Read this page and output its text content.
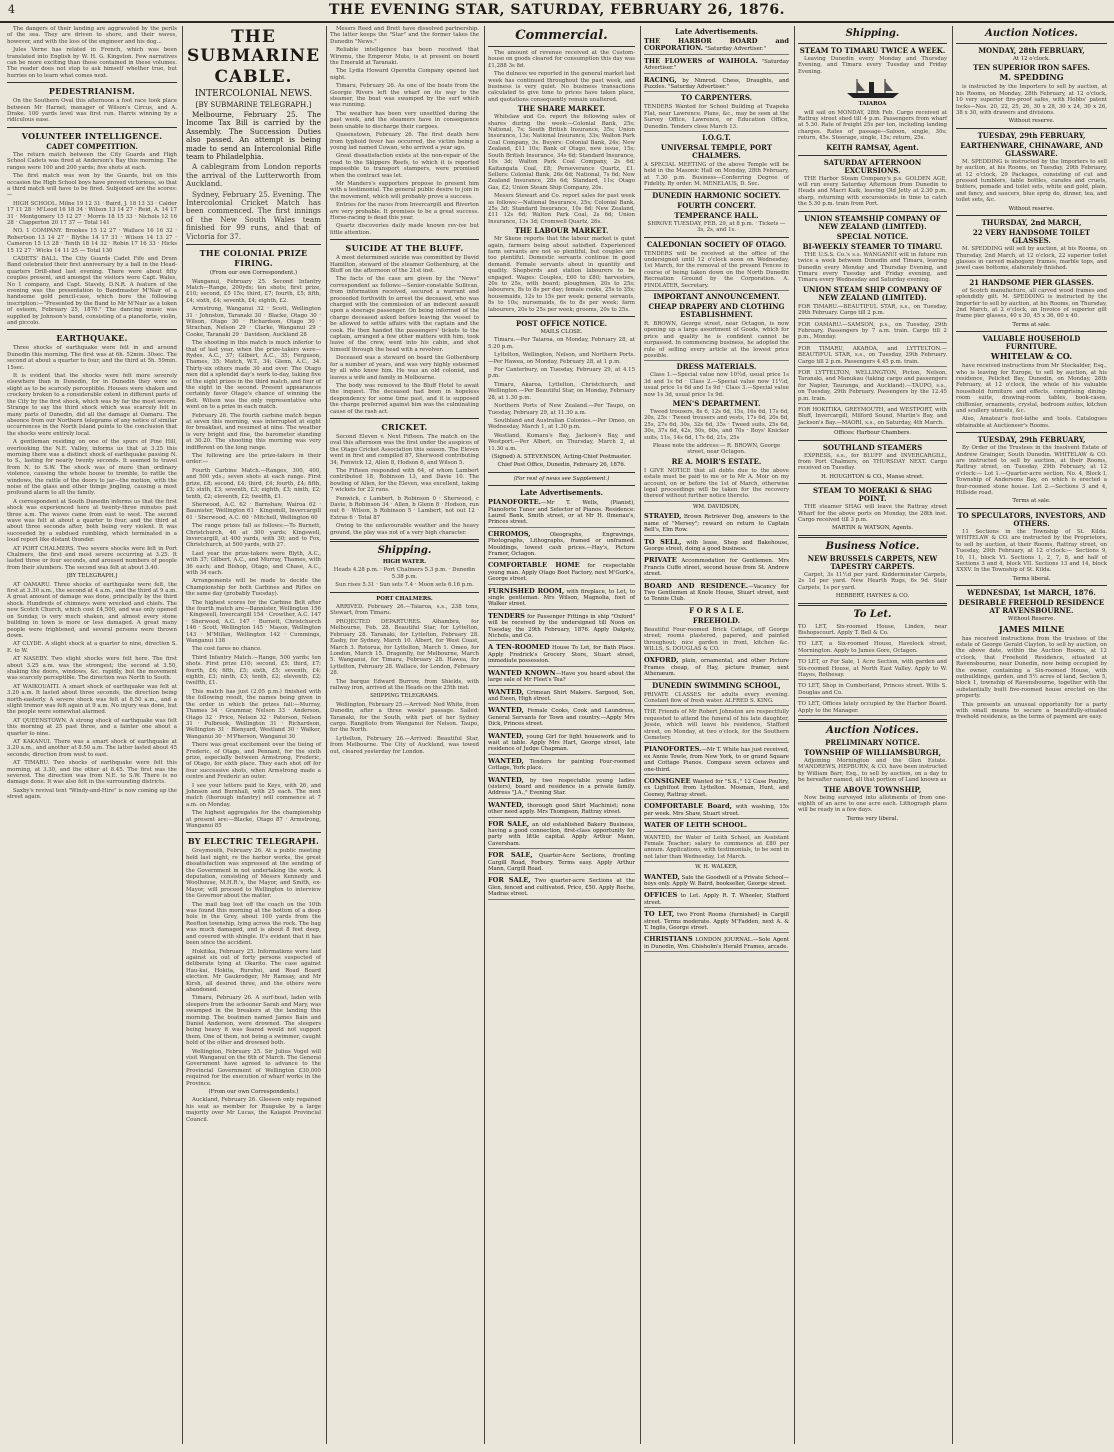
4	THE EVENING STAR, SATURDAY, FEBRUARY 26, 1876.

The dangers of their landing are aggravated by the perils of the sea. They are driven to shore, and their waves, however, and with the loss of the engineer and his dog...

Jules Verne has related in French, which was been translated into English by W. H. G. Kingston. Few narratives can be more exciting than those contained in these volumes. The reader does not stop to ask himself whether true, but hurries on to learn what comes next.

PEDESTRIANISM.

On the Southern Oval this afternoon a foot race took place between Mr Harnet, manager of Wilson's Circus, and A. Drake. 100 yards level was first run. Harris winning by a ridiculous ease.

VOLUNTEER INTELLIGENCE.
CADET COMPETITION.

The return match between the City Guards and High School Cadets was fired at Anderson's Bay this morning. The ranges were 100 and 200 yards; five shots at each.

The first match was won by the Guards, but on this occasion the High School boys have proved victorious, so that a third match will have to be fired. Subjoined are the scores:—

HIGH SCHOOL. Milne 19 12 31 · Baird, J. 18 13 33 · Calder 17 11 28 · M'Leod 16 18 34 · Wilson 13 14 27 · Reid, A. 14 17 31 · Montgomery 15 12 27 · Morris 18 15 33 · Nichols 12 16 28 · Clapperton 20 17 37 — Total 141

NO. 1 COMPANY. Brookes 15 12 27 · Wallace 16 16 32 · Robertson 13 14 27 · Blythe 14 17 31 · Wilson 14 13 27 · Cameron 15 13 28 · Tenth 18 14 32 · Robin 17 16 33 · Hicks 15 12 27 · Wicks 14 11 25 — Total 130

CADETS' BALL. The City Guards Cadet Fife and Drum Band celebrated their first anniversary by a ball in the Head-quarters Drill-shed last evening. There were about fifty couples present, and amongst the visitors were Capt. Wales, No 1 company, and Capt. Stavely, D.N.R. A feature of the evening was the presentation to Bandmaster M'Nair of a handsome gold pencil-case, which bore the following inscription:—"Presented by the Band to Mr M'Nair as a token of esteem, February 25, 1876." The dancing music was supplied by Johnson's band, consisting of a pianoforte, violin, and piccolo.

EARTHQUAKE.

Three shocks of earthquake were felt in and around Dunedin this morning. The first was at 6h. 52min. 30sec. The second at about a quarter to four, and the third at 5h. 59min. 15sec.

It is evident that the shocks were felt more severely elsewhere than in Dunedin, for in Dunedin they were so slight as to be scarcely perceptible. Houses were shaken and crockery broken to a considerable extent in different parts of the City by the first shock, which was by far the most severe. Strange to say the third shock which was scarcely felt in many parts of Dunedin, did all the damage at Oamaru. The absence from our Northern telegrams of any notice of similar occurrences in the North Island points to the conclusion that the shocks were entirely local.

A gentleman residing on one of the spurs of Pine Hill, overlooking the N.E. Valley, informs us that at 3.25 this morning there was a distinct shock of earthquake passing N. to S., lasting for nearly twenty seconds. It seemed to travel from N. to S.W. The shock was of more than ordinary violence, causing the whole house to tremble, to rattle the windows, the rattle of the doors to jar—the motion, with the noise of the glass and other things jingling, causing a most profound alarm to all the family.

A correspondent at South Dunedin informs us that the first shock was experienced here at twenty-three minutes past three a.m. The waves came from east to west. The second wave was felt at about a quarter to four, and the third at about three seconds after, both being very violent. It was succeeded by a subdued rumbling, which terminated in a loud report like distant thunder.

AT PORT CHALMERS. Two severe shocks were felt in Port Chalmers, the first and most severe occurring at 3.25. It lasted three or four seconds, and aroused numbers of people from their slumbers. The second was felt at about 3.40.

[BY TELEGRAPH.]

AT OAMARU. Three shocks of earthquake were felt, the first at 3.30 a.m., the second at 4 a.m., and the third at 9 a.m. A great amount of damage was done, principally by the third shock. Hundreds of chimneys were wrecked and chiefs. The new Scotch Church, which cost £4,500, and was only opened on Sunday, is very much shaken, and almost every stone building in town is more or less damaged. A great many people were frightened, and several persons were thrown down.

AT CLYDE. A slight shock at a quarter to nine, direction S. E. to W.

AT NASEBY. Two slight shocks were felt here. The first about 3.25 a.m. was the strongest; the second at 3.50, shaking the doors, windows, &c. rapidly, but the movement was scarcely perceptible. The direction was North to South.

AT WAIKOUAITI. A smart shock of earthquake was felt at 3.20 a.m. It lasted about three seconds, the direction being north-easterly. A severe shock was felt at 8.50 a.m., and a slight tremor was felt again at 9 a.m. No injury was done, but the people were somewhat alarmed.

AT QUEENSTOWN. A strong shock of earthquake was felt this morning at 25 past three, and a fainter one about a quarter to nine.

AT KAKANUI. There was a smart shock of earthquake at 3.20 a.m., and another at 8.50 a.m. The latter lasted about 45 seconds; direction from west to east.

AT TIMARU. Two shocks of earthquake were felt this morning, at 3.30, and the other at 8.45. The first was the severest. The direction was from N.E. to S.W. There is no damage done. It was also felt in the surrounding districts.

Saxby's revival tent "Windy-and-Hire" is now coming up the street again.

THE SUBMARINE
CABLE.
INTERCOLONIAL NEWS.
[BY SUBMARINE TELEGRAPH.]

Melbourne, February 25. The Income Tax Bill is carried by the Assembly. The Succession Duties also passed. An attempt is being made to send an Intercolonial Rifle team to Philadelphia.

A cablegram from London reports the arrival of the Lutterworth from Auckland.

Sydney, February 25. Evening. The Intercolonial Cricket Match has been commenced. The first innings of the New South Wales team finished for 99 runs, and that of Victoria for 37.

THE COLONIAL PRIZE FIRING.

(From our own Correspondent.)

Wanganui, February 25. Second Infantry Match—Range, 200yds; ten shots; first prize, £10; second, £5 15s; third, £7; fourth, £5; fifth, £4; sixth, £4; seventh, £4; eighth, £2.

Armstrong, Wanganui 32 · Scott, Wellington 31 · Johnston, Taranaki 30 · Blacke, Otago 30 · Wilson, Otago 30 · Richardson, Otago 30 · Strachan, Nelson 29 · Clarke, Wanganui 29 · Cooke, Taranaki 29 · Davidson, Auckland 28

The shooting in this match is much inferior to that of last year, when the prize-takers were—Rydes, A.C., 37; Gilbert, A.C., 35; Ferguson, Thames, 35; Match, W.T., 34; Glenn, A.C., 34. Thirty-six others made 30 and over. The Otago men did a splendid day's work to-day, taking five of the eight prizes in the third match, and four of the eight in the second. Present appearances certainly favor Otago's chance of winning the Belt. Wilson was the only representative who went on to a prize in each match.

February 26. The fourth carbine match began at seven this morning, was interrupted at eight for breakfast, and resumed at nine. The weather is very bright and fine, the barometer standing at 30.20. The shooting this morning was very indifferent on the long range.

The following are the prize-takers in their order:—

Fourth Carbine Match.—Ranges, 300, 400, and 500 yds.; seven shots at each range. First prize, £8; second, £4; third, £4; fourth, £4; fifth, £3; sixth, £3; seventh, £3; eighth, £3; ninth, £2; tenth, £2; eleventh, £2; twelfth, £1.

Sherwood, A.C. 62 · Barnshaw, Wairoa 62 · Baunister, Wellington 61 · Kingsmill, Invercargill 61 · Sherwood, A.C. 60 · Mitchell, Wellington 60

The range prizes fall as follows:—To Burnett, Christchurch, 46 at 300 yards; Kingswell, Invercargill, at 400 yards, with 30; and to Fox, Christchurch, at 500 yards, with 27.

Last year the prize-takers were Blyth, A.C., with 37; Gilbert, A.C., and Murray, Thames, with 36 each; and Bishop, Otago, and Chase, A.C., with 34 each.

Arrangements will be made to decide the Championship for both Carbines and Rifles on the same day (probably Tuesday).

The highest scores for the Carbine Belt after the fourth match are—Bannister, Wellington 156 · Kingswell, Invercargill 154 · Crowther, A.C. 147 · Sherwood, A.C. 147 · Burnett, Christchurch 146 · Scott, Wellington 145 · Mason, Wellington 143 · M'Millan, Wellington 142 · Cummings, Wanganui 138

The cost fares no chance.

Third Infantry Match.—Range, 500 yards; ten shots. First prize £10; second, £5; third, £7; fourth, £6; fifth, £5; sixth, £5; seventh, £4; eighth, £3; ninth, £3; tenth, £2; eleventh, £2; twelfth, £1.

This match has just (2.05 p.m.) finished with the following result, the names being given in the order in which the prizes fall:—Murray, Thames 34 · Grammar, Nelson 33 · Anderson, Otago 32 · Price, Nelson 32 · Paterson, Nelson 31 · Pulbrook, Wellington 31 · Richardson, Wellington 31 · Blenyard, Westland 30 · Walker, Wanganui 30 · M'Pherson, Wanganui 30

There was great excitement over the tieing of Frederic, of Otago, and Pennant, for the sixth prize, especially between Armstrong, Frederic, of Otago, for sixth place. They each shot off for four successive shots, when Armstrong made a centre and Frederic an outer.

I see your letters paid to Keys, with 26, and Johnson and Burnhall, with 25 each. The next match (thorough infantry) will commence at 7 a.m. on Monday.

The highest aggregates for the championship at present are:—Blacke, Otago 87 · Armstrong, Wanganui 85

BY ELECTRIC TELEGRAPH.

Greymouth, February 26. At a public meeting held last night, re the harbor works, the great dissatisfaction was expressed at the sending of the Government in not undertaking the work. A deputation, consisting of Messrs Kennedy and Woolhouse, M.H.R.'s, the Mayor, and Smith, ex-Mayor, will proceed to Wellington to interview the Governor about the matter.

The mail bag lost off the coach on the 10th was found this morning at the bottom of a deep hole in the Grey, about 100 yards from the Reefton township, lying across the rock. The bag was much damaged, and is about 8 feet deep, and covered with shingle. It's evident that it has been since the accident.

Hokitika, February 25. Informations were laid against six out of forty persons suspected of deliberate tying at Okarito. The case against Hau-kai, Hokita, Ruruhui, and Road Board election. Mr Gaukrodger, Mr Ramsay, and Mr Kirsh, all desired three, and the others were abandoned.

Timaru, February 26. A surf-boat, laden with sleepers from the schooner Sarah and Mary, was swamped in the breakers at the landing this morning. The boatmen named James Bain and Daniel Anderson, were drowned. The sleepers being heavy it was feared would not support them. One of them, not being a swimmer, caught hold of the other and drowned both.

Wellington, February 25. Sir Julius Vogel will visit Wanganui on the 6th of March. The General Government have agreed to advance to the Provincial Government of Wellington £30,000 required for the execution of wharf works in the Province.

(From our own Correspondents.)

Auckland, February 26. Gleeson only regained his seat as member for Ruapuke by a large majority over Mr Lucas, the Kaiapoi Provincial Council.

Messrs Reed and Brett have dissolved partnership. The latter keeps the "Star" and the former takes the Dunedin "News."

Reliable intelligence has been received that Wiremu, the Emperor Mute, is at present on board the Emerald at Taranaki.

The Lydia Howard Operetta Company opened last night.

Timaru, February 26. As one of the boats from the Georgie Rivers left the wharf on its way to the steamer, the boat was swamped by the surf which was running.

The weather has been very unsettled during the past week, and the steamers have in consequence been unable to discharge their cargoes.

Queenstown, February 26. The first death here from typhoid fever has occurred, the victim being a young lad named Cowan, who arrived a year ago.

Great dissatisfaction exists at the non-repair of the road to the Skippers Reefs, to which it is reported impossible to transport stampers, were promised when the contract was let.

Mr Manders's supporters propose to present him with a testimonial. The general public desire to join in the movement, which will probably prove a success.

Entries for the races from Invercargill and Riverton are very probable. It promises to be a great success. Horse-racing is dead this year.

Quartz discoveries daily made known rev-ive but little attention.

SUICIDE AT THE BLUFF.

A most determined suicide was committed by David Hamilton, steward of the steamer Gothenburg, at the Bluff on the afternoon of the 21st inst.

The facts of the case are given by the "News" correspondent as follows:—Senior-constable Sullivan, from information received, secured a warrant and proceeded forthwith to arrest the deceased, who was charged with the commission of an indecent assault upon a steerage passenger. On being informed of the charge deceased asked before leaving the vessel to be allowed to settle affairs with the captain and the cook. He then handed the passengers' tickets to the captain, arranged a few other matters with him, took leave of the crew, went into his cabin, and shot himself through the head with a revolver.

Deceased was a steward on board the Gothenburg for a number of years, and was very highly esteemed by all who knew him. He was an old colonist, and leaves a wife and family in Melbourne.

The body was removed to the Bluff Hotel to await the inquest. The deceased had been in hopeless despondency for some time past, and it is supposed the charge preferred against him was the culminating cause of the rash act.

CRICKET.

Second Eleven v. Next Fifteen. The match on the oval this afternoon was the first under the auspices of the Otago Cricket Association this season. The Eleven went in first and compiled 87, Sherwood contributing 34, Fenwick 12, Allen 8, Hodson 6, and Wilson 5.

The Fifteen responded with 64, of whom Lambert contributed 18, Robinson 13, and Davie 10. The bowling of Allen, for the Eleven, was excellent, taking 7 wickets for 22 runs.

Fenwick, c Lambert, b Robinson 0 · Sherwood, c Davie, b Robinson 34 · Allen, b Glenn 8 · Hodson, run out 6 · Wilson, b Robinson 5 · Lambert, not out 12 · Extras 6 · Total 87

Owing to the unfavourable weather and the heavy ground, the play was not of a very high character.

Shipping.

HIGH WATER.

Heads 4.28 p.m. · Port Chalmers 5.3 p.m. · Dunedin 5.38 p.m.

Sun rises 5.31 · Sun sets 7.4 · Moon sets 6.16 p.m.

PORT CHALMERS.

ARRIVED. February 26.—Taiaroa, s.s., 238 tons, Stewart, from Timaru.

PROJECTED DEPARTURES. Alhambra, for Melbourne, Feb. 28. Beautiful Star, for Lyttelton, February 28. Taranaki, for Lyttelton, February 28. Easby, for Sydney, March 10. Albert, for West Coast, March 3. Rotorua, for Lyttelton, March 1. Omeo, for London, March 15. Dragonfly, for Melbourne, March 5. Wanganui, for Timaru, February 28. Hawea, for Lyttelton, February 28. Wallace, for London, February 28.

The barque Edward Burrow, from Shields, with railway iron, arrived at the Heads on the 25th inst.

SHIPPING TELEGRAMS.

Wellington, February 25.—Arrived: Ned White, from Dunedin, after a three weeks' passage. Sailed: Taranaki, for the South, with part of her Sydney cargo. Rangitoto from Wanganui for Nelson. Taupo, for the North.

Lyttelton, February 26.—Arrived: Beautiful Star, from Melbourne. The City of Auckland, was towed out, cleared yesterday for London.

Commercial.

The amount of revenue received at the Custom-house on goods cleared for consumption this day was £1,288 3s 8d.

The dulness we reported in the general market last week has continued throughout the past week, and business is very quiet. No business transactions calculated to give tone to prices have taken place, and quotations consequently remain unaltered.

THE SHARE MARKET.

Whitelaw and Co. report the following sales of shares during the week:—Colonial Bank, 25s; National, 7s; South British Insurance, 35s; Union Insurance, 13s; National Insurance, 33s; Walton Park Coal Company, 3s. Buyers: Colonial Bank, 24s; New Zealand, £11 10s; Bank of Otago, new issue, 15s; South British Insurance, 34s 6d; Standard Insurance, 10s 3d; Walton Park Coal Company, 2s 6d; Kaitangata Coal, £8; Perseverance Quartz, £1. Sellers: Colonial Bank, 26s 6d; National, 7s 6d; New Zealand Insurance, 28s 6d; Standard, 11s; Otago Gas, £2; Union Steam Ship Company, 20s.

Messrs Stewart and Co. report sales for past week as follows:—National Insurance, 25s; Colonial Bank, 25s 3d; Standard Insurance, 10s 6d; New Zealand, £11 12s 6d; Walton Park Coal, 2s 6d; Union Insurance, 13s 3d; Cromwell Quartz, 26s.

THE LABOUR MARKET.

Mr Skene reports that the labour market is quiet again, farmers being about satisfied. Experienced farm servants are not so plentiful, but couples are too plentiful. Domestic servants continue in good demand. Female servants about in quantity and quality. Shepherds and station labourers to be engaged. Wages: Couples, £60 to £80; harvesters, 20s to 25s, with board; ploughmen, 20s to 25s; labourers, 8s to 8s per day; female cooks, 25s to 35s; housemaids, 12s to 15s per week; general servants, 8s to 10s; nursemaids, 6s to 8s per week; farm labourers, 20s to 25s per week; grooms, 20s to 25s.

POST OFFICE NOTICE.

MAILS CLOSE.

Timaru.—Per Taiaroa, on Monday, February 28, at 5.20 p.m.

Lyttelton, Wellington, Nelson, and Northern Ports.—Per Hawea, on Monday, February 28, at 1 p.m.

For Canterbury, on Tuesday, February 29, at 4.15 p.m.

Timaru, Akaroa, Lyttelton, Christchurch, and Wellington.—Per Beautiful Star, on Monday, February 28, at 1.30 p.m.

Northern Ports of New Zealand.—Per Taupo, on Tuesday, February 29, at 11.30 a.m.

Southland and Australian Colonies.—Per Omeo, on Wednesday, March 1, at 1.30 p.m.

Westland, Kumara's Bay, Jackson's Bay, and Westport.—Per Albert, on Thursday, March 2, at 11.30 a.m.

(Signed) A. STEVENSON, Acting-Chief Postmaster.

Chief Post Office, Dunedin, February 26, 1876.

(For rest of news see Supplement.)

Late Advertisements.

PIANOFORTE.—Mr T. Wells, (Pianist), Pianoforte Tuner and Selector of Pianos. Residence: Laurel Bank, Smith street, or at Mr H. Ilmenau's, Princes street.

CHROMOS, Oleographs, Engravings, Photographs, Lithographs, framed or unframed. Mouldings, lowest cash prices.—Hay's, Picture Framer, Octagon.

COMFORTABLE HOME for respectable young man. Apply Otago Boot Factory, next M'Gurk's, George street.

FURNISHED ROOM, with fireplace, to Let, to single gentleman. Mrs Wilson, Magnolia, foot of Walker street.

TENDERS for Passenger Fittings in ship "Oxford" will be received by the undersigned till Noon on Tuesday, the 29th February, 1876. Apply Dalgety, Nichols, and Co.

A TEN-ROOMED House To Let, for Bath Place. Apply Fredrick's Grocery Store, Stuart street, immediate possession.

WANTED KNOWN—Have you heard about the large sale of Mr Fleet's Tea?

WANTED, Crimean Shirt Makers. Sargood, Son, and Ewen, High street.

WANTED, Female Cooks, Cook and Laundress, General Servants for Town and country.—Apply Mrs Dick, Princes street.

WANTED, young Girl for light housework and to wait at table. Apply Mrs Hart, George street, late residence of Judge Chapman.

WANTED, Tenders for painting Four-roomed Cottage, York place.

WANTED, by two respectable young ladies (sisters), board and residence in a private family. Address "J.A.," Evening Star.

WANTED, thorough good Shirt Machinist; none other need apply. Mrs Thompson, Rattray street.

FOR SALE, an old established Bakery Business, having a good connection, first-class opportunity for party with little capital. Apply Arthur Mann, Caversham.

FOR SALE, Quarter-Acre Sections, fronting Cargill Road, Forbury. Terms easy. Apply Arthur Mann, Cargill Road.

FOR SALE, Two quarter-acre Sections at the Glen, fenced and cultivated. Price, £50. Apply Roche, Madras street.

Late Advertisements.

THE HARBOR BOARD and CORPORATION. "Saturday Advertiser."

THE FLOWERS of WAIHOLA. "Saturday Advertiser."

RACING, by Nimrod. Chess, Draughts, and Puzzles. "Saturday Advertiser."

TO CARPENTERS.

TENDERS Wanted for School Building at Tuapeka Flat, near Lawrence. Plans, &c., may be seen at the Survey Office, Lawrence, or Education Office, Dunedin. Tenders close March 13.

I.O.G.T.
UNIVERSAL TEMPLE, PORT CHALMERS.

A SPECIAL MEETING of the above Temple will be held in the Masonic Hall on Monday, 28th February, at 7.30 p.m. Business—Conferring Degree of Fidelity. By order. M. MENELAUS, D. Sec.

DUNEDIN HARMONIC SOCIETY.
FOURTH CONCERT.
TEMPERANCE HALL.

SHROVE TUESDAY, FEB. 29, at 8 p.m. · Tickets — 3s, 2s, and 1s.

CALEDONIAN SOCIETY OF OTAGO.

TENDERS will be received at the office of the undersigned until 12 o'clock noon on Wednesday, 1st March, for the removal of the present Fences in course of being taken down on the North Dunedin Recreation Ground by the Corporation. A. FINDLATER, Secretary.

IMPORTANT ANNOUNCEMENT.
CHEAP DRAPERY AND CLOTHING ESTABLISHMENT.

R. BROWN, George street, near Octagon, is now opening up a large assortment of Goods, which for price and quality he is confident cannot be surpassed. In commencing business, he adopted the rule of selling every article at the lowest price possible.

DRESS MATERIALS.

Class 1.—Special value now 10½d, usual price 1s 3d and 1s 6d · Class 2.—Special value now 11½d, usual price 1s 6d and 1s 9d · Class 3.—Special value now 1s 3d, usual price 1s 9d.

MEN'S DEPARTMENT.

Tweed trousers, 8s 6, 12s 6d, 15s, 16s 6d, 17s 6d, 20s, 25s · Tweed trousers and vests, 17s 6d, 20s 6d, 25s, 27s 6d, 30s, 32s 6d, 35s · Tweed suits, 25s 6d, 30s, 37s 6d, 42s, 50s, 60s, and 70s · Boys' Knicker suits, 11s, 14s 6d, 17s 6d, 21s, 25s

Please note the address:— R. BROWN, George street, near Octagon.

RE A. MOIR'S ESTATE.

I GIVE NOTICE that all debts due to the above estate must be paid to me or to Mr A. Moir on my account, on or before the 1st of March, otherwise legal proceedings will be taken for the recovery thereof without further notice thereto.

WM. DAVIDSON,

STRAYED, Brown Retriever Dog, answers to the name of "Mersey"; reward on return to Captain Bell's, Elm Row.

TO SELL, with lease, Shop and Bakehouse, George street, doing a good business.

PRIVATE Accommodation for Gentlemen. Mrs Francis Cuffe street, second house from St. Andrew street.

BOARD AND RESIDENCE.—Vacancy for Two Gentlemen at Knole House, Stuart street, next to Tennis Club.

F O R S A L E.
FREEHOLD.

Beautiful Four-roomed Brick Cottage, off George street; rooms plastered, papered, and painted throughout; nice garden in front, kitchen &c. WILLS, S. DOUGLAS & CO.

OXFORD, plain, ornamental, and other Picture Frames cheap, of Hay, picture framer, next Athenæum.

DUNEDIN SWIMMING SCHOOL,

PRIVATE CLASSES for adults every evening. Constant flow of fresh water. ALFRED S. KING.

THE Friends of Mr Robert Johnston are respectfully requested to attend the funeral of his late daughter, Jessie, which will leave his residence, Stafford street, on Monday, at two o'clock, for the Southern Cemetery.

PIANOFORTES.—Mr T. White has just received, ex Annie Towle, from New York, to or grand Square and Cottage Pianos. Compass seven octaves and one-third.

CONSIGNEE Wanted for "S.S.," 12 Case Poultry, ex Lightfoot from Lyttelton. Mosman, Hunt, and Ceeney, Rattray street.

COMFORTABLE Board, with washing, 15s per week. Mrs Shaw, Stuart street.

WATER OF LEITH SCHOOL.

WANTED, for Water of Leith School, an Assistant Female Teacher; salary to commence at £80 per annum. Applications, with testimonials, to be sent in not later than Wednesday, 1st March.

W. H. WALKER,

WANTED, Sale the Goodwill of a Private School—boys only. Apply W. Baird, bookseller, George street.

OFFICES to Let. Apply R. T. Wheeler, Stafford street.

TO LET, two Front Rooms (furnished) in Cargill street. Terms moderate. Apply M'Fadden, next A. & T. Inglis, George street.

CHRISTIANS LONDON JOURNAL.—Sole Agent in Dunedin, Wm. Chisholm's Herald Frames, arcade.

Shipping.
STEAM TO TIMARU TWICE A WEEK.

Leaving Dunedin every Monday and Thursday Evening, and Timaru every Tuesday and Friday Evening.

TAIAROA

will sail on MONDAY, 28th Feb. Cargo received at Rattray street shed till 4 p.m. Passengers from wharf at 5.30. Rate of freight 25s per ton, including landing charges. Rates of passage—Saloon, single, 30s; return, 45s. Steerage, single, 15s; return, 25s.

KEITH RAMSAY, Agent.
SATURDAY AFTERNOON EXCURSIONS.

THE Harbor Steam Company's p.s. GOLDEN AGE, will run every Saturday Afternoon from Dunedin to Heads and Macri Kaik, leaving Old Jetty at 2.30 p.m. sharp, returning with excursionists in time to catch the 5.30 p.m. train from Port.

UNION STEAMSHIP COMPANY OF NEW ZEALAND (LIMITED).
SPECIAL NOTICE.
BI-WEEKLY STEAMER TO TIMARU.

THE U.S.S. Co.'s s.s. WANGANUI will in future run twice a week between Dunedin and Timaru, leaving Dunedin every Monday and Thursday Evening, and Timaru every Tuesday and Friday evening, and Timaru every Wednesday and Saturday evening.

UNION STEAM SHIP COMPANY OF NEW ZEALAND (LIMITED).

FOR TIMARU.—BEAUTIFUL STAR, s.s., on Tuesday, 29th February. Cargo till 2 p.m.

FOR OAMARU.—SAMSON, p.s., on Tuesday, 29th February. Passengers by 7 a.m. train. Cargo till 2 p.m., Monday.

FOR TIMARU, AKAROA, and LYTTELTON.—BEAUTIFUL STAR, s.s., on Tuesday, 29th February. Cargo till 2 p.m. Passengers 4.45 p.m. train.

FOR LYTTELTON, WELLINGTON, Picton, Nelson, Taranaki, and Manukau (taking cargo and passengers for Napier, Tauranga, and Auckland).—TAUPO, s.s., on Tuesday, 29th February. Passengers by the 12.45 p.m. train.

FOR HOKITIKA, GREYMOUTH, and WESTPORT, with Bluff, Invercargill, Milford Sound, Martin's Bay, and Jackson's Bay.—MAORI, s.s., on Saturday, 4th March.

Offices: Harbour Chambers.

SOUTHLAND STEAMERS

EXPRESS, s.s., for BLUFF and INVERCARGILL, from Port Chalmers, on THURSDAY NEXT. Cargo received on Tuesday.

H. HOUGHTON & CO., Manse street.

STEAM TO MOERAKI & SHAG POINT.

THE steamer SHAG will leave the Rattray street Wharf for the above ports on Monday, the 28th inst. Cargo received till 3 p.m.

MARTIN & WATSON, Agents.

Business Notice.
NEW BRUSSELS CARPETS, NEW TAPESTRY CARPETS.

Carpet, 3s 11½d per yard. Kidderminster Carpets, 2s 1d per yard. New Hearth Rugs, 6s 9d. Stair Carpets, 1s per yard.

HERBERT, HAYNES & CO.

To Let.

TO LET, Six-roomed House, Linden, near Bishopscourt. Apply T. Bell & Co.

TO LET, a Six-roomed House, Havelock street, Mornington. Apply to James Gore, Octagon.

TO LET, or For Sale, 1 Acre Section, with garden and Six-roomed House, at North East Valley. Apply to W. Hayes, Rothesay.

TO LET, Shop in Cumberland, Princes street. Wills S. Douglas and Co.

TO LET, Offices lately occupied by the Harbor Board. Apply to the Manager.

Auction Notices.
PRELIMINARY NOTICE.
TOWNSHIP OF WILLIAMSBURGH,

Adjoining Mornington and the Glen Estate. M'ANDREWS, HEPBURN, & CO. have been instructed by William Barr, Esq., to sell by auction, on a day to be hereafter named, all that portion of Land known as

THE ABOVE TOWNSHIP,

Now being surveyed into allotments of from one-eighth of an acre to one acre each. Lithograph plans will be ready in a few days.

Terms very liberal.

Auction Notices.
MONDAY, 28th FEBRUARY,

At 12 o'clock.

TEN SUPERIOR IRON SAFES.

M. SPEDDING

is instructed by the Importers to sell by auction, at his Rooms, on Monday, 28th February, at 12 o'clock, 10 very superior fire-proof safes, with Hobbs' patent locks—Nos. 20, 22, 25, 26, 30 x 28, 30 x 24, 30 x 26, 38 x 30, with drawers and divisions.

Without reserve.

TUESDAY, 29th FEBRUARY,
EARTHENWARE, CHINAWARE, AND GLASSWARE.

M. SPEDDING is instructed by the Importers to sell by auction, at his Rooms, on Tuesday, 29th February, at 12 o'clock, 29 Packages, consisting of cut and pressed tumblers, table bottles, carafes and cruets, butters, pomade and toilet sets, white and gold, plain, and fancy, and saucers, blue sprig do, dinner, tea, and toilet sets, &c.

Without reserve.

THURSDAY, 2nd MARCH,
22 VERY HANDSOME TOILET GLASSES.

M. SPEDDING will sell by auction, at his Rooms, on Thursday, 2nd March, at 12 o'clock, 22 superior toilet glasses in carved mahogany frames, marble tops, and jewel case bottoms, elaborately finished.

21 HANDSOME PIER GLASSES.

of Scotch manufacture, all carved wood frames and splendidly gilt. M. SPEDDING is instructed by the Importer to sell by auction, at his Rooms, on Thursday, 2nd March, at 2 o'clock, an Invoice of superior gilt frame pier glasses, 40 x 30, 45 x 36, 60 x 40.

Terms at sale.

VALUABLE HOUSEHOLD FURNITURE.

WHITELAW & CO.

have received instructions from Mr Stockalder, Esq., who is leaving for Europe, to sell by auction, at his residence, Pelichet Bay, Dunedin, on Monday, 28th February, at 12 o'clock, the whole of his valuable household furniture and effects, comprising dining-room suite, drawing-room tables, book-cases, chiffonier, ornaments, crystal, bedroom suites, kitchen and scullery utensils, &c.

Also, Amateur's foot-lathe and tools. Catalogues obtainable at Auctioneer's Rooms.

TUESDAY, 29th FEBRUARY,

By Order of the Trustees in the Insolvent Estate of Andrew Grainger, South Dunedin. WHITELAW & CO. are instructed to sell by auction, at their Rooms, Rattray street, on Tuesday, 29th February, at 12 o'clock:— Lot 1.—Quarter-acre section, No. 4, Block I, Township of Andersons Bay, on which is erected a four-roomed stone house. Lot 2.—Sections 3 and 4, Hillside road.

Terms at sale.

TO SPECULATORS, INVESTORS, AND OTHERS.

11 Sections in the Township of St. Kilda. WHITELAW & CO. are instructed by the Proprietors, to sell by auction, at their Rooms, Rattray street, on Tuesday, 29th February, at 12 o'clock:— Sections 9, 10, 11, block VI. Sections 1, 2, 7, 8, and half of Sections 3 and 4, block VII. Sections 13 and 14, block XXXV. In the Township of St. Kilda.

Terms liberal.

WEDNESDAY, 1st MARCH, 1876.
DESIRABLE FREEHOLD RESIDENCE AT RAVENSBOURNE.

Without Reserve.

JAMES MILNE

has received instructions from the trustees of the estate of George Gerald Clayton, to sell by auction, on the above date, within the Auction Rooms, at 12 o'clock, that Freehold Residence, situated at Ravensbourne, near Dunedin, now being occupied by the owner, containing a Six-roomed House, with outbuildings, garden, and 5½ acres of land, Section 5, block 1, township of Ravensbourne, together with the substantially built five-roomed house erected on the property.

This presents an unusual opportunity for a party with small means to secure a beautifully-situated freehold residence, as the terms of payment are easy.
